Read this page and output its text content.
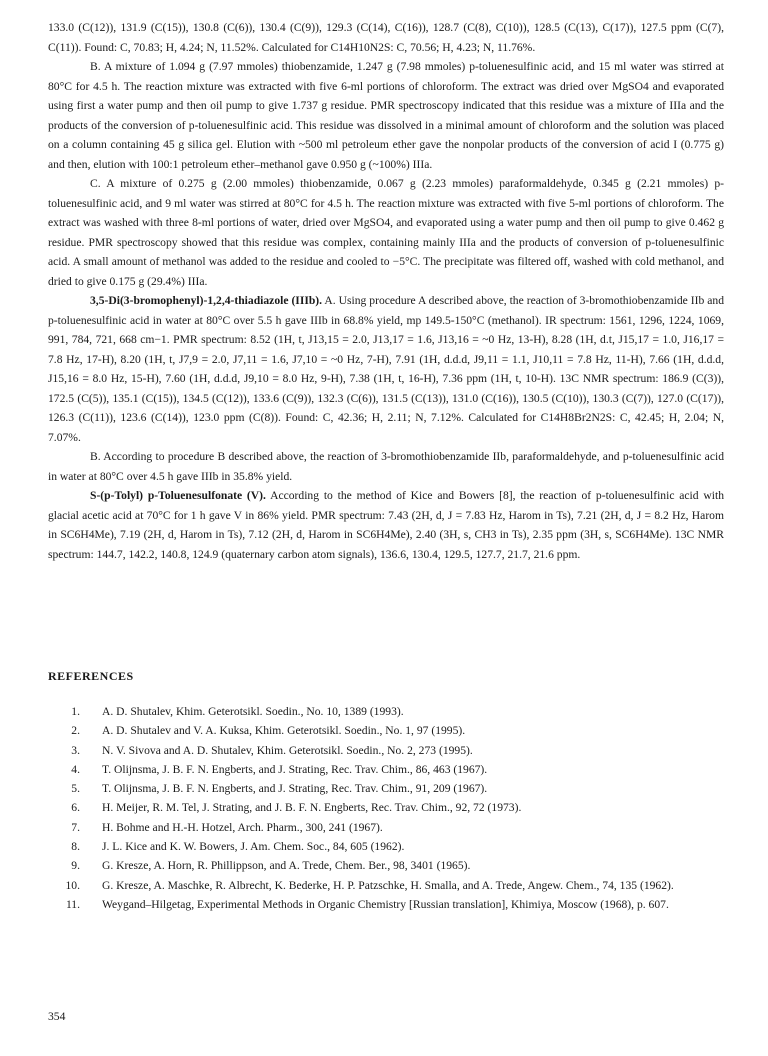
133.0 (C(12)), 131.9 (C(15)), 130.8 (C(6)), 130.4 (C(9)), 129.3 (C(14), C(16)), 128.7 (C(8), C(10)), 128.5 (C(13), C(17)), 127.5 ppm (C(7), C(11)). Found: C, 70.83; H, 4.24; N, 11.52%. Calculated for C14H10N2S: C, 70.56; H, 4.23; N, 11.76%.

B. A mixture of 1.094 g (7.97 mmoles) thiobenzamide, 1.247 g (7.98 mmoles) p-toluenesulfinic acid, and 15 ml water was stirred at 80°C for 4.5 h. The reaction mixture was extracted with five 6-ml portions of chloroform. The extract was dried over MgSO4 and evaporated using first a water pump and then oil pump to give 1.737 g residue. PMR spectroscopy indicated that this residue was a mixture of IIIa and the products of the conversion of p-toluenesulfinic acid. This residue was dissolved in a minimal amount of chloroform and the solution was placed on a column containing 45 g silica gel. Elution with ~500 ml petroleum ether gave the nonpolar products of the conversion of acid I (0.775 g) and then, elution with 100:1 petroleum ether–methanol gave 0.950 g (~100%) IIIa.

C. A mixture of 0.275 g (2.00 mmoles) thiobenzamide, 0.067 g (2.23 mmoles) paraformaldehyde, 0.345 g (2.21 mmoles) p-toluenesulfinic acid, and 9 ml water was stirred at 80°C for 4.5 h. The reaction mixture was extracted with five 5-ml portions of chloroform. The extract was washed with three 8-ml portions of water, dried over MgSO4, and evaporated using a water pump and then oil pump to give 0.462 g residue. PMR spectroscopy showed that this residue was complex, containing mainly IIIa and the products of conversion of p-toluenesulfinic acid. A small amount of methanol was added to the residue and cooled to −5°C. The precipitate was filtered off, washed with cold methanol, and dried to give 0.175 g (29.4%) IIIa.

3,5-Di(3-bromophenyl)-1,2,4-thiadiazole (IIIb). A. Using procedure A described above, the reaction of 3-bromothiobenzamide IIb and p-toluenesulfinic acid in water at 80°C over 5.5 h gave IIIb in 68.8% yield, mp 149.5-150°C (methanol). IR spectrum: 1561, 1296, 1224, 1069, 991, 784, 721, 668 cm−1. PMR spectrum: 8.52 (1H, t, J13,15 = 2.0, J13,17 = 1.6, J13,16 = ~0 Hz, 13-H), 8.28 (1H, d.t, J15,17 = 1.0, J16,17 = 7.8 Hz, 17-H), 8.20 (1H, t, J7,9 = 2.0, J7,11 = 1.6, J7,10 = ~0 Hz, 7-H), 7.91 (1H, d.d.d, J9,11 = 1.1, J10,11 = 7.8 Hz, 11-H), 7.66 (1H, d.d.d, J15,16 = 8.0 Hz, 15-H), 7.60 (1H, d.d.d, J9,10 = 8.0 Hz, 9-H), 7.38 (1H, t, 16-H), 7.36 ppm (1H, t, 10-H). 13C NMR spectrum: 186.9 (C(3)), 172.5 (C(5)), 135.1 (C(15)), 134.5 (C(12)), 133.6 (C(9)), 132.3 (C(6)), 131.5 (C(13)), 131.0 (C(16)), 130.5 (C(10)), 130.3 (C(7)), 127.0 (C(17)), 126.3 (C(11)), 123.6 (C(14)), 123.0 ppm (C(8)). Found: C, 42.36; H, 2.11; N, 7.12%. Calculated for C14H8Br2N2S: C, 42.45; H, 2.04; N, 7.07%.

B. According to procedure B described above, the reaction of 3-bromothiobenzamide IIb, paraformaldehyde, and p-toluenesulfinic acid in water at 80°C over 4.5 h gave IIIb in 35.8% yield.

S-(p-Tolyl) p-Toluenesulfonate (V). According to the method of Kice and Bowers [8], the reaction of p-toluenesulfinic acid with glacial acetic acid at 70°C for 1 h gave V in 86% yield. PMR spectrum: 7.43 (2H, d, J = 7.83 Hz, Harom in Ts), 7.21 (2H, d, J = 8.2 Hz, Harom in SC6H4Me), 7.19 (2H, d, Harom in Ts), 7.12 (2H, d, Harom in SC6H4Me), 2.40 (3H, s, CH3 in Ts), 2.35 ppm (3H, s, SC6H4Me). 13C NMR spectrum: 144.7, 142.2, 140.8, 124.9 (quaternary carbon atom signals), 136.6, 130.4, 129.5, 127.7, 21.7, 21.6 ppm.

REFERENCES
1. A. D. Shutalev, Khim. Geterotsikl. Soedin., No. 10, 1389 (1993).
2. A. D. Shutalev and V. A. Kuksa, Khim. Geterotsikl. Soedin., No. 1, 97 (1995).
3. N. V. Sivova and A. D. Shutalev, Khim. Geterotsikl. Soedin., No. 2, 273 (1995).
4. T. Olijnsma, J. B. F. N. Engberts, and J. Strating, Rec. Trav. Chim., 86, 463 (1967).
5. T. Olijnsma, J. B. F. N. Engberts, and J. Strating, Rec. Trav. Chim., 91, 209 (1967).
6. H. Meijer, R. M. Tel, J. Strating, and J. B. F. N. Engberts, Rec. Trav. Chim., 92, 72 (1973).
7. H. Bohme and H.-H. Hotzel, Arch. Pharm., 300, 241 (1967).
8. J. L. Kice and K. W. Bowers, J. Am. Chem. Soc., 84, 605 (1962).
9. G. Kresze, A. Horn, R. Phillippson, and A. Trede, Chem. Ber., 98, 3401 (1965).
10. G. Kresze, A. Maschke, R. Albrecht, K. Bederke, H. P. Patzschke, H. Smalla, and A. Trede, Angew. Chem., 74, 135 (1962).
11. Weygand–Hilgetag, Experimental Methods in Organic Chemistry [Russian translation], Khimiya, Moscow (1968), p. 607.
354
